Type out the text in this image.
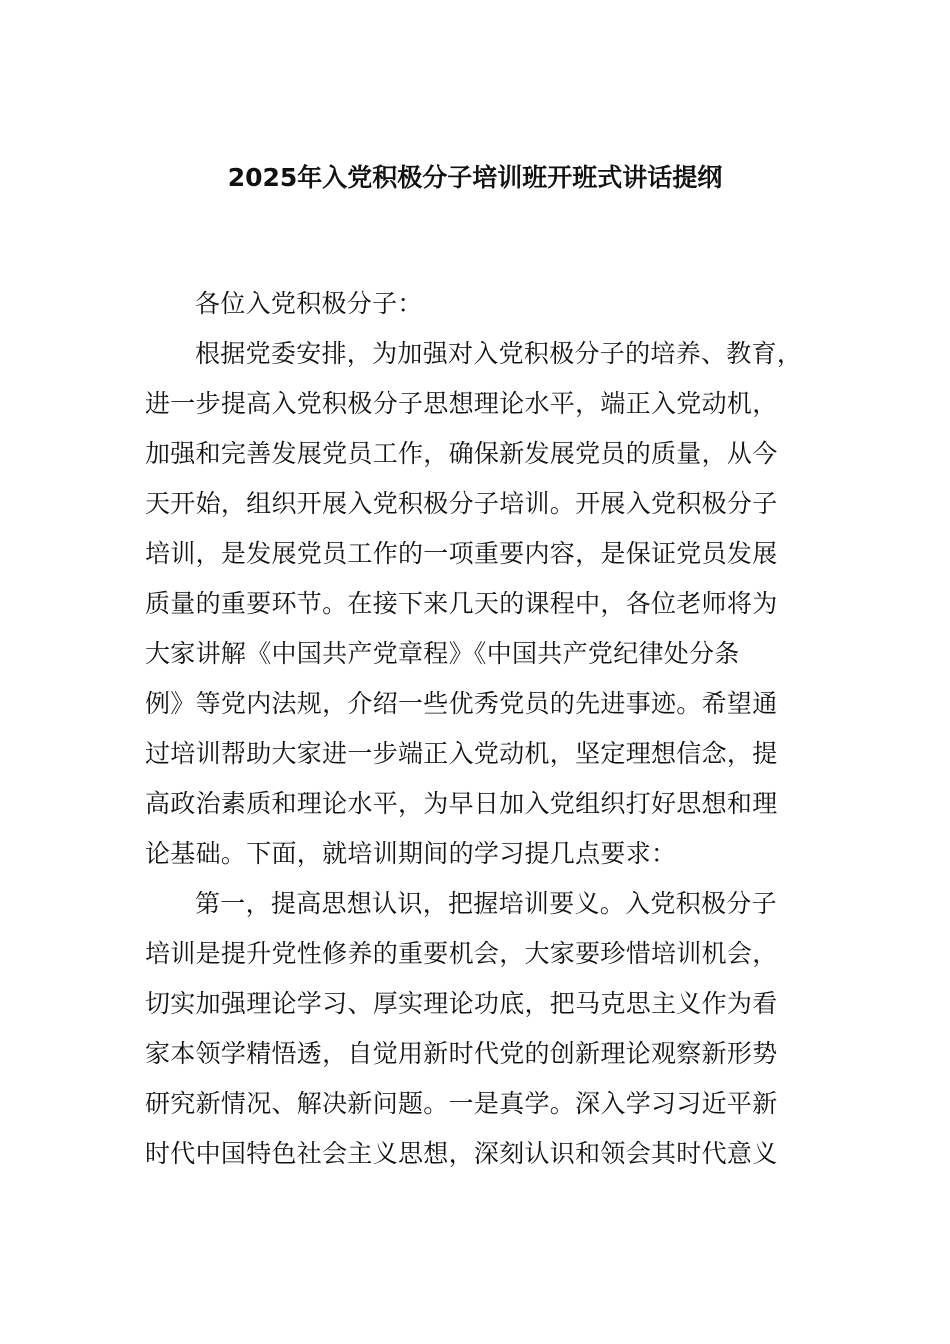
2025年入党积极分子培训班开班式讲话提纲
各位入党积极分子：
根据党委安排，为加强对入党积极分子的培养、教育，
进一步提高入党积极分子思想理论水平，端正入党动机，
加强和完善发展党员工作，确保新发展党员的质量，从今
天开始，组织开展入党积极分子培训。开展入党积极分子
培训，是发展党员工作的一项重要内容，是保证党员发展
质量的重要环节。在接下来几天的课程中，各位老师将为
大家讲解《中国共产党章程》《中国共产党纪律处分条
例》等党内法规，介绍一些优秀党员的先进事迹。希望通
过培训帮助大家进一步端正入党动机，坚定理想信念，提
高政治素质和理论水平，为早日加入党组织打好思想和理
论基础。下面，就培训期间的学习提几点要求：
第一，提高思想认识，把握培训要义。入党积极分子
培训是提升党性修养的重要机会，大家要珍惜培训机会，
切实加强理论学习、厚实理论功底，把马克思主义作为看
家本领学精悟透，自觉用新时代党的创新理论观察新形势
研究新情况、解决新问题。一是真学。深入学习习近平新
时代中国特色社会主义思想，深刻认识和领会其时代意义
